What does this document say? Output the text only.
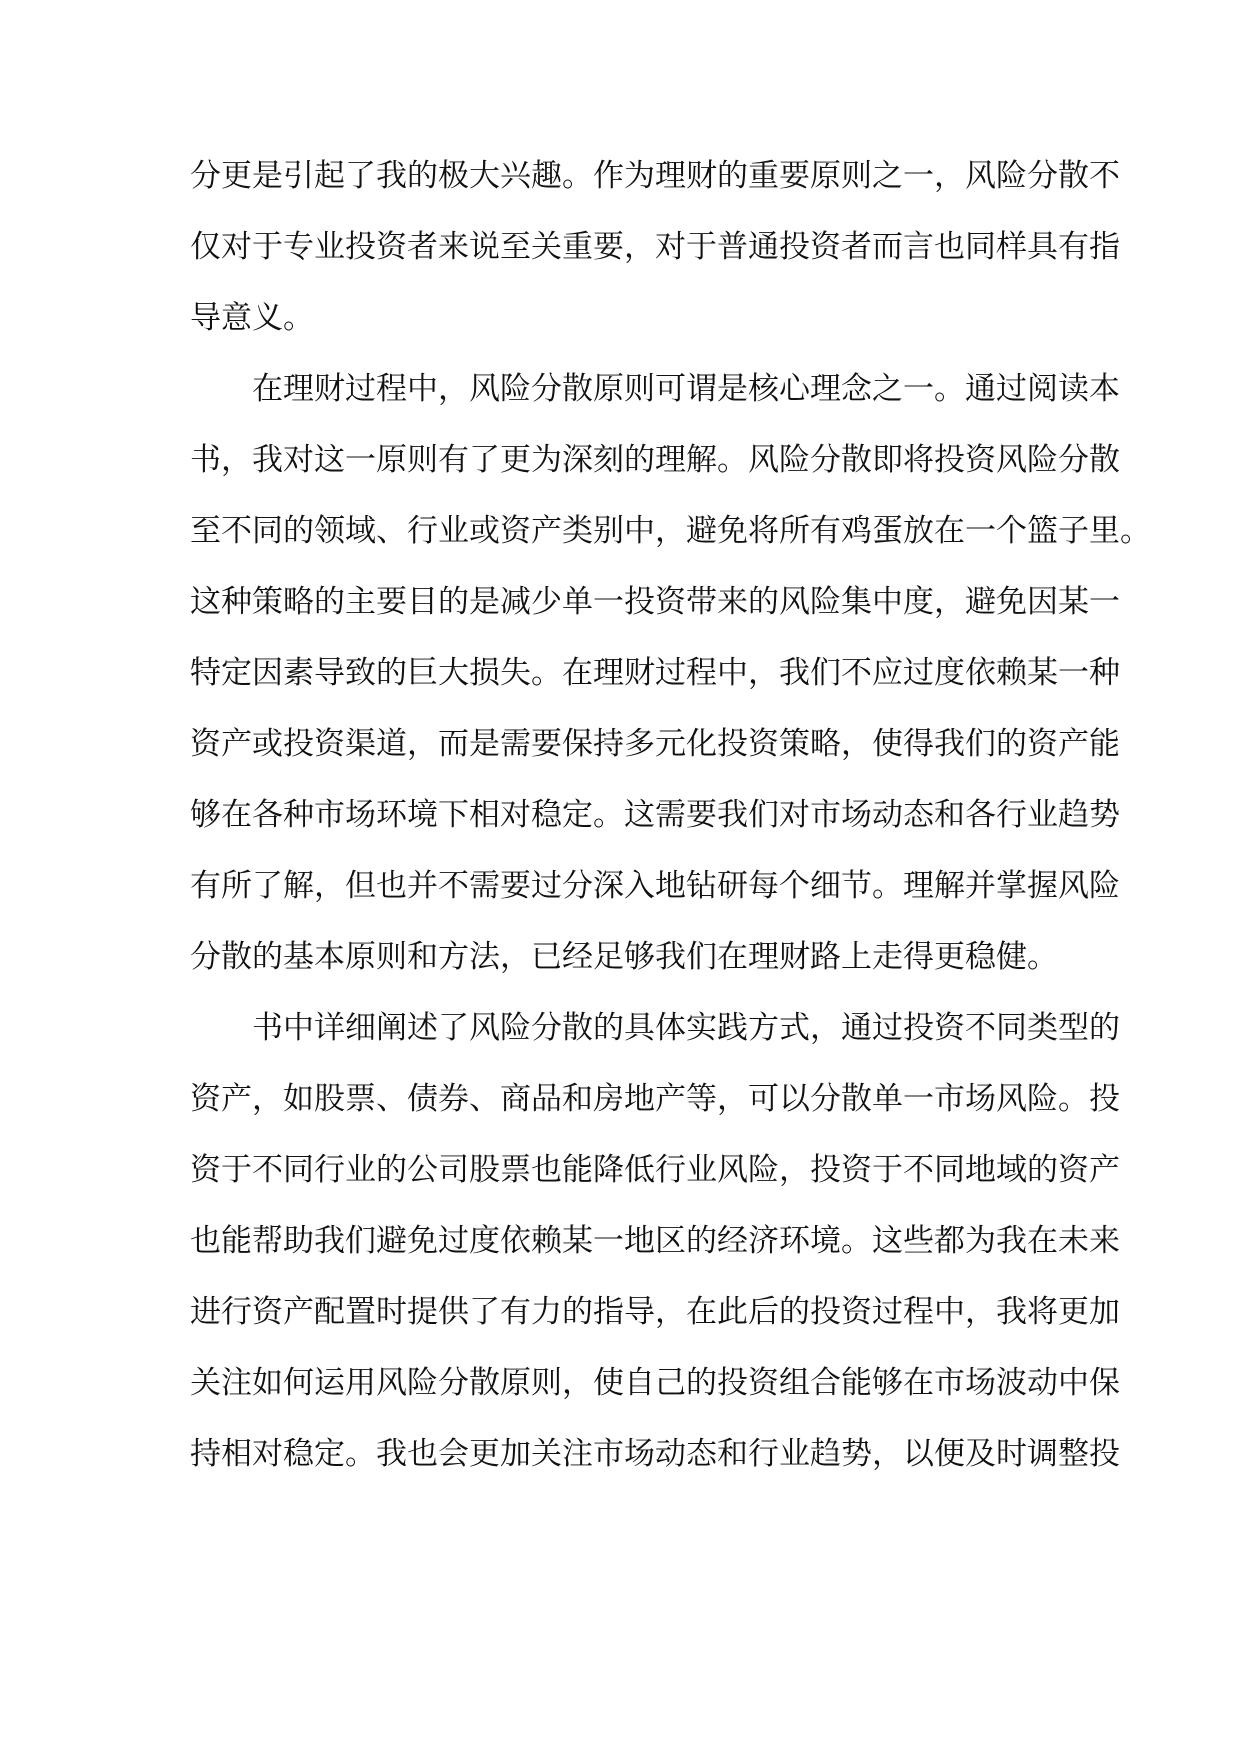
分更是引起了我的极大兴趣。作为理财的重要原则之一，风险分散不
仅对于专业投资者来说至关重要，对于普通投资者而言也同样具有指
导意义。
在理财过程中，风险分散原则可谓是核心理念之一。通过阅读本
书，我对这一原则有了更为深刻的理解。风险分散即将投资风险分散
至不同的领域、行业或资产类别中，避免将所有鸡蛋放在一个篮子里。
这种策略的主要目的是减少单一投资带来的风险集中度，避免因某一
特定因素导致的巨大损失。在理财过程中，我们不应过度依赖某一种
资产或投资渠道，而是需要保持多元化投资策略，使得我们的资产能
够在各种市场环境下相对稳定。这需要我们对市场动态和各行业趋势
有所了解，但也并不需要过分深入地钻研每个细节。理解并掌握风险
分散的基本原则和方法，已经足够我们在理财路上走得更稳健。
书中详细阐述了风险分散的具体实践方式，通过投资不同类型的
资产，如股票、债券、商品和房地产等，可以分散单一市场风险。投
资于不同行业的公司股票也能降低行业风险，投资于不同地域的资产
也能帮助我们避免过度依赖某一地区的经济环境。这些都为我在未来
进行资产配置时提供了有力的指导，在此后的投资过程中，我将更加
关注如何运用风险分散原则，使自己的投资组合能够在市场波动中保
持相对稳定。我也会更加关注市场动态和行业趋势，以便及时调整投
